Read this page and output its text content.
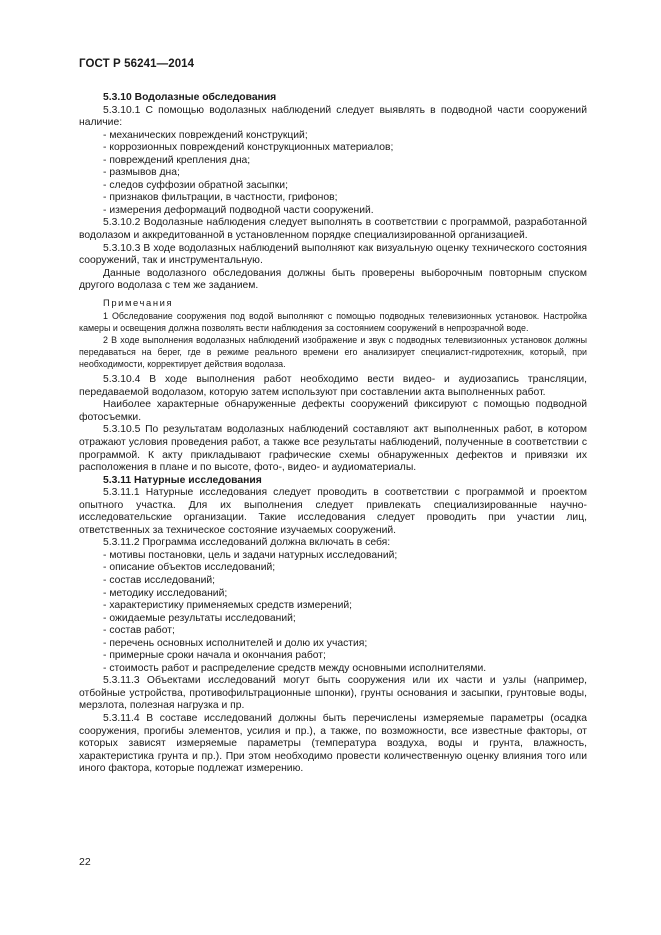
ГОСТ Р 56241—2014

5.3.10 Водолазные обследования

5.3.10.1 С помощью водолазных наблюдений следует выявлять в подводной части сооружений наличие:

- механических повреждений конструкций;

- коррозионных повреждений конструкционных материалов;

- повреждений крепления дна;

- размывов дна;

- следов суффозии обратной засыпки;

- признаков фильтрации, в частности, грифонов;

- измерения деформаций подводной части сооружений.

5.3.10.2 Водолазные наблюдения следует выполнять в соответствии с программой, разработанной водолазом и аккредитованной в установленном порядке специализированной организацией.

5.3.10.3 В ходе водолазных наблюдений выполняют как визуальную оценку технического состояния сооружений, так и инструментальную.

Данные водолазного обследования должны быть проверены выборочным повторным спуском другого водолаза с тем же заданием.

Примечания

1 Обследование сооружения под водой выполняют с помощью подводных телевизионных установок. Настройка камеры и освещения должна позволять вести наблюдения за состоянием сооружений в непрозрачной воде.

2 В ходе выполнения водолазных наблюдений изображение и звук с подводных телевизионных установок должны передаваться на берег, где в режиме реального времени его анализирует специалист-гидротехник, который, при необходимости, корректирует действия водолаза.

5.3.10.4 В ходе выполнения работ необходимо вести видео- и аудиозапись трансляции, передаваемой водолазом, которую затем используют при составлении акта выполненных работ.

Наиболее характерные обнаруженные дефекты сооружений фиксируют с помощью подводной фотосъемки.

5.3.10.5 По результатам водолазных наблюдений составляют акт выполненных работ, в котором отражают условия проведения работ, а также все результаты наблюдений, полученные в соответствии с программой. К акту прикладывают графические схемы обнаруженных дефектов и привязки их расположения в плане и по высоте, фото-, видео- и аудиоматериалы.

5.3.11 Натурные исследования

5.3.11.1 Натурные исследования следует проводить в соответствии с программой и проектом опытного участка. Для их выполнения следует привлекать специализированные научно-исследовательские организации. Такие исследования следует проводить при участии лиц, ответственных за техническое состояние изучаемых сооружений.

5.3.11.2 Программа исследований должна включать в себя:

- мотивы постановки, цель и задачи натурных исследований;

- описание объектов исследований;

- состав исследований;

- методику исследований;

- характеристику применяемых средств измерений;

- ожидаемые результаты исследований;

- состав работ;

- перечень основных исполнителей и долю их участия;

- примерные сроки начала и окончания работ;

- стоимость работ и распределение средств между основными исполнителями.

5.3.11.3 Объектами исследований могут быть сооружения или их части и узлы (например, отбойные устройства, противофильтрационные шпонки), грунты основания и засыпки, грунтовые воды, мерзлота, полезная нагрузка и пр.

5.3.11.4 В составе исследований должны быть перечислены измеряемые параметры (осадка сооружения, прогибы элементов, усилия и пр.), а также, по возможности, все известные факторы, от которых зависят измеряемые параметры (температура воздуха, воды и грунта, влажность, характеристика грунта и пр.). При этом необходимо провести количественную оценку влияния того или иного фактора, которые подлежат измерению.

22
